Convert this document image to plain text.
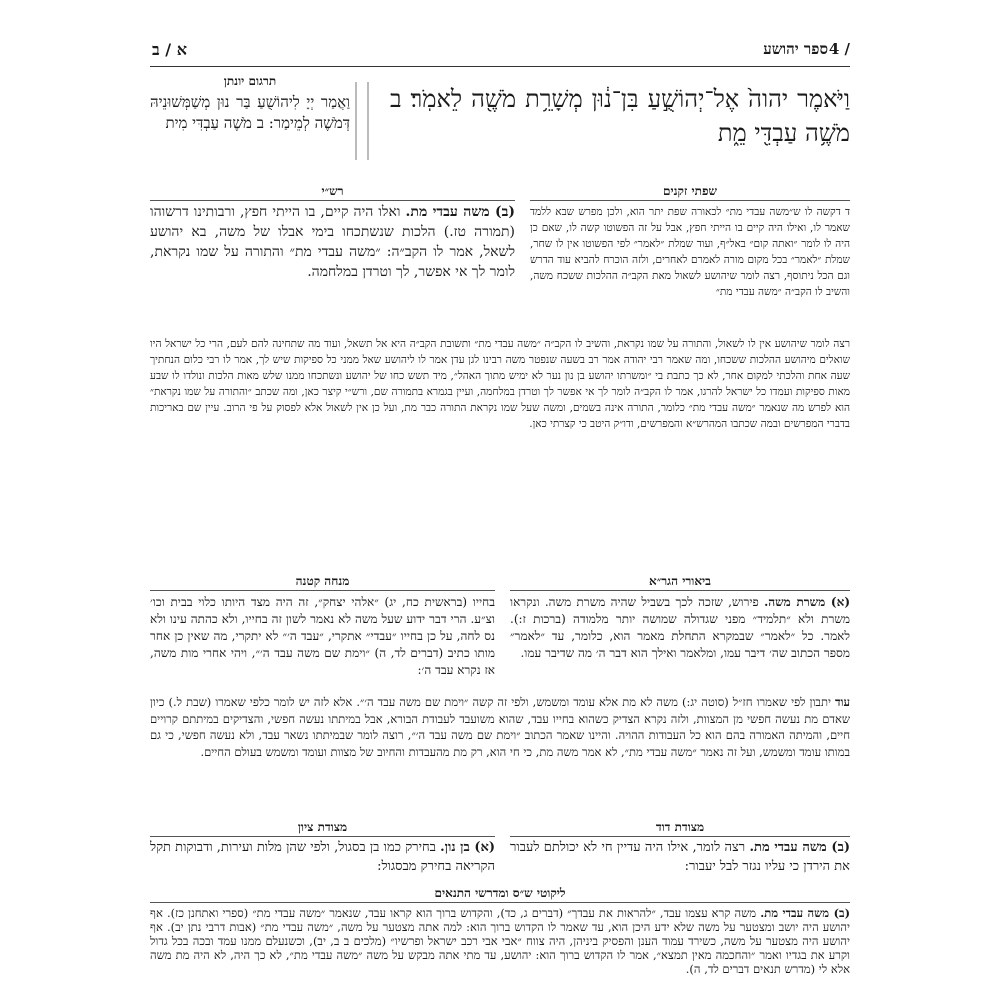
4 /
ספר יהושע
א / ב
וַיֹּאמֶר יהוה֙ אֶל־יְהוֹשֻׁ֣עַ בִּן־נ֔וּן מְשָׁרֵ֥ת מֹשֶׁ֖ה לֵאמֹֽר׃ ב מֹשֶׁ֥ה עַבְדִּ֖י מֵ֑ת
תרגום יונתן
וַאֲמַר יְיָ לִיהוֹשֻׁעַ בַּר נוּן מְשַׁמְּשׁוּנֵיהּ דְּמֹשֶׁה לְמֵימַר: ב מֹשֶׁה עַבְדִּי מִית
שפתי זקנים
ד דקשה לו ש״משה עבדי מת״ לכאורה שפת יתר הוא, ולכן מפרש שבא ללמד שאמר לו, ואילו היה קיים בו הייתי חפץ, אבל על זה הפשוטו קשה לו, שאם כן היה לו לומר ״ואתה קום״ באל״ף, ועוד שמלת ״לאמר״ לפי הפשוטו אין לו שחר, שמלת ״לאמר״ בכל מקום מורה לאמרם לאחרים, ולזה הוכרח להביא עוד הדרש וגם הכל ניתוסף, רצה לומר שיהושע לשאול מאת הקב״ה ההלכות ששכח משה, והשיב לו הקב״ה ״משה עבדי מת״
רש״י
(ב) משה עבדי מת. ואלו היה קיים, בו הייתי חפץ, ורבותינו דרשוהו (תמורה טז.) הלכות שנשתכחו בימי אבלו של משה, בא יהושע לשאל, אמר לו הקב״ה: ״משה עבדי מת״ והתורה על שמו נקראת, לומר לך אי אפשר, לך וטרדן במלחמה.
רצה לומר שיהושע אין לו לשאול, והתורה על שמו נקראת, והשיב לו הקב״ה ״משה עבדי מת״ ותשובת הקב״ה היא אל תשאל, ועוד מה שתחינה להם לעם, הרי כל ישראל היו שואלים מיהושע ההלכות ששכחו, ומה שאמר רבי יהודה אמר רב בשעה שנפטר משה רבינו לגן עדן אמר לו ליהושע שאל ממני כל ספיקות שיש לך, אמר לו רבי כלום הנחתיך שעה אחת והלכתי למקום אחר, לא כך כתבת בי ״ומשרתו יהושע בן נון נער לא ימיש מתוך האהל״, מיד תשש כחו של יהושע ונשתכחו ממנו שלש מאות הלכות ונולדו לו שבע מאות ספיקות ועמדו כל ישראל להרגו, אמר לו הקב״ה לומר לך אי אפשר לך וטרדן במלחמה, ועיין בגמרא בתמורה שם, ורש״י קיצר כאן, ומה שכתב ״והתורה על שמו נקראת״ הוא לפרש מה שנאמר ״משה עבדי מת״ כלומר, התורה אינה בשמים, ומשה שעל שמו נקראת התורה כבר מת, ועל כן אין לשאול אלא לפסוק על פי הרוב. עיין שם באריכות בדברי המפרשים ובמה שכתבו המהרש״א והמפרשים, ודו״ק היטב כי קצרתי כאן.
ביאורי הגר״א
(א) משרת משה. פירוש, שזכה לכך בשביל שהיה משרת משה. ונקראו משרת ולא ״תלמיד״ מפני שגדולה שמושה יותר מלמודה (ברכות ז:). לאמר. כל ״לאמר״ שבמקרא התחלת מאמר הוא, כלומר, עד ״לאמר״ מספר הכתוב שה׳ דיבר עמו, ומלאמר ואילך הוא דבר ה׳ מה שדיבר עמו.
מנחה קטנה
בחייו (בראשית כח, יג) ״אלהי יצחק״, זה היה מצד היותו כלוי בבית וכו׳ וצ״ע. הרי דבר ידוע שעל משה לא נאמר לשון זה בחייו, ולא כהתה עינו ולא נס לחה, על כן בחייו ״עבדי״ אתקרי, ״עבד ה׳״ לא יתקרי, מה שאין כן אחר מותו כתיב (דברים לד, ה) ״וימת שם משה עבד ה׳״, ויהי אחרי מות משה, אז נקרא עבד ה׳:
עוד יתבון לפי שאמרו חז״ל (סוטה יג:) משה לא מת אלא עומד ומשמש, ולפי זה קשה ״וימת שם משה עבד ה׳״. אלא לזה יש לומר כלפי שאמרו (שבת ל.) כיון שאדם מת נעשה חפשי מן המצוות, ולזה נקרא הצדיק כשהוא בחייו עבד, שהוא משועבד לעבודת הבורא, אבל במיתתו נעשה חפשי, והצדיקים במיתתם קרויים חיים, והמיתה האמורה בהם הוא כל העבודות ההויה. והיינו שאמר הכתוב ״וימת שם משה עבד ה׳״, רוצה לומר שבמיתתו נשאר עבד, ולא נעשה חפשי, כי גם במותו עומד ומשמש, ועל זה נאמר ״משה עבדי מת״, לא אמר משה מת, כי חי הוא, רק מת מהעבדות והחיוב של מצוות ועומד ומשמש בעולם החיים.
מצודת דוד
(ב) משה עבדי מת. רצה לומר, אילו היה עדיין חי לא יכולתם לעבור את הירדן כי עליו נגזר לבל יעבור:
מצודת ציון
(א) בן נון. בחירק כמו בן בסגול, ולפי שהן מלות ועירות, ודבוקות תקל הקריאה בחירק מבסגול:
ליקוטי ש״ס ומדרשי התנאים
(ב) משה עבדי מת. משה קרא עצמו עבד, ״להראות את עבדך״ (דברים ג, כד), והקדוש ברוך הוא קראו עבד, שנאמר ״משה עבדי מת״ (ספרי ואתחנן כז). אף יהושע היה יושב ומצטער על משה שלא ידע היכן הוא, עד שאמר לו הקדוש ברוך הוא: למה אתה מצטער על משה, ״משה עבדי מת״ (אבות דרבי נתן יב). אף יהושע היה מצטער על משה, כשירד עמוד הענן והפסיק ביניהן, היה צווח ״אבי אבי רכב ישראל ופרשיו״ (מלכים ב ב, יב), וכשנעלם ממנו עמד ובכה בכל גדול וקרע את בגדיו ואמר ״והחכמה מאין תמצא״, אמר לו הקדוש ברוך הוא: יהושע, עד מתי אתה מבקש על משה ״משה עבדי מת״, לא כך היה, לא היה מת משה אלא לי (מדרש תנאים דברים לד, ה).
